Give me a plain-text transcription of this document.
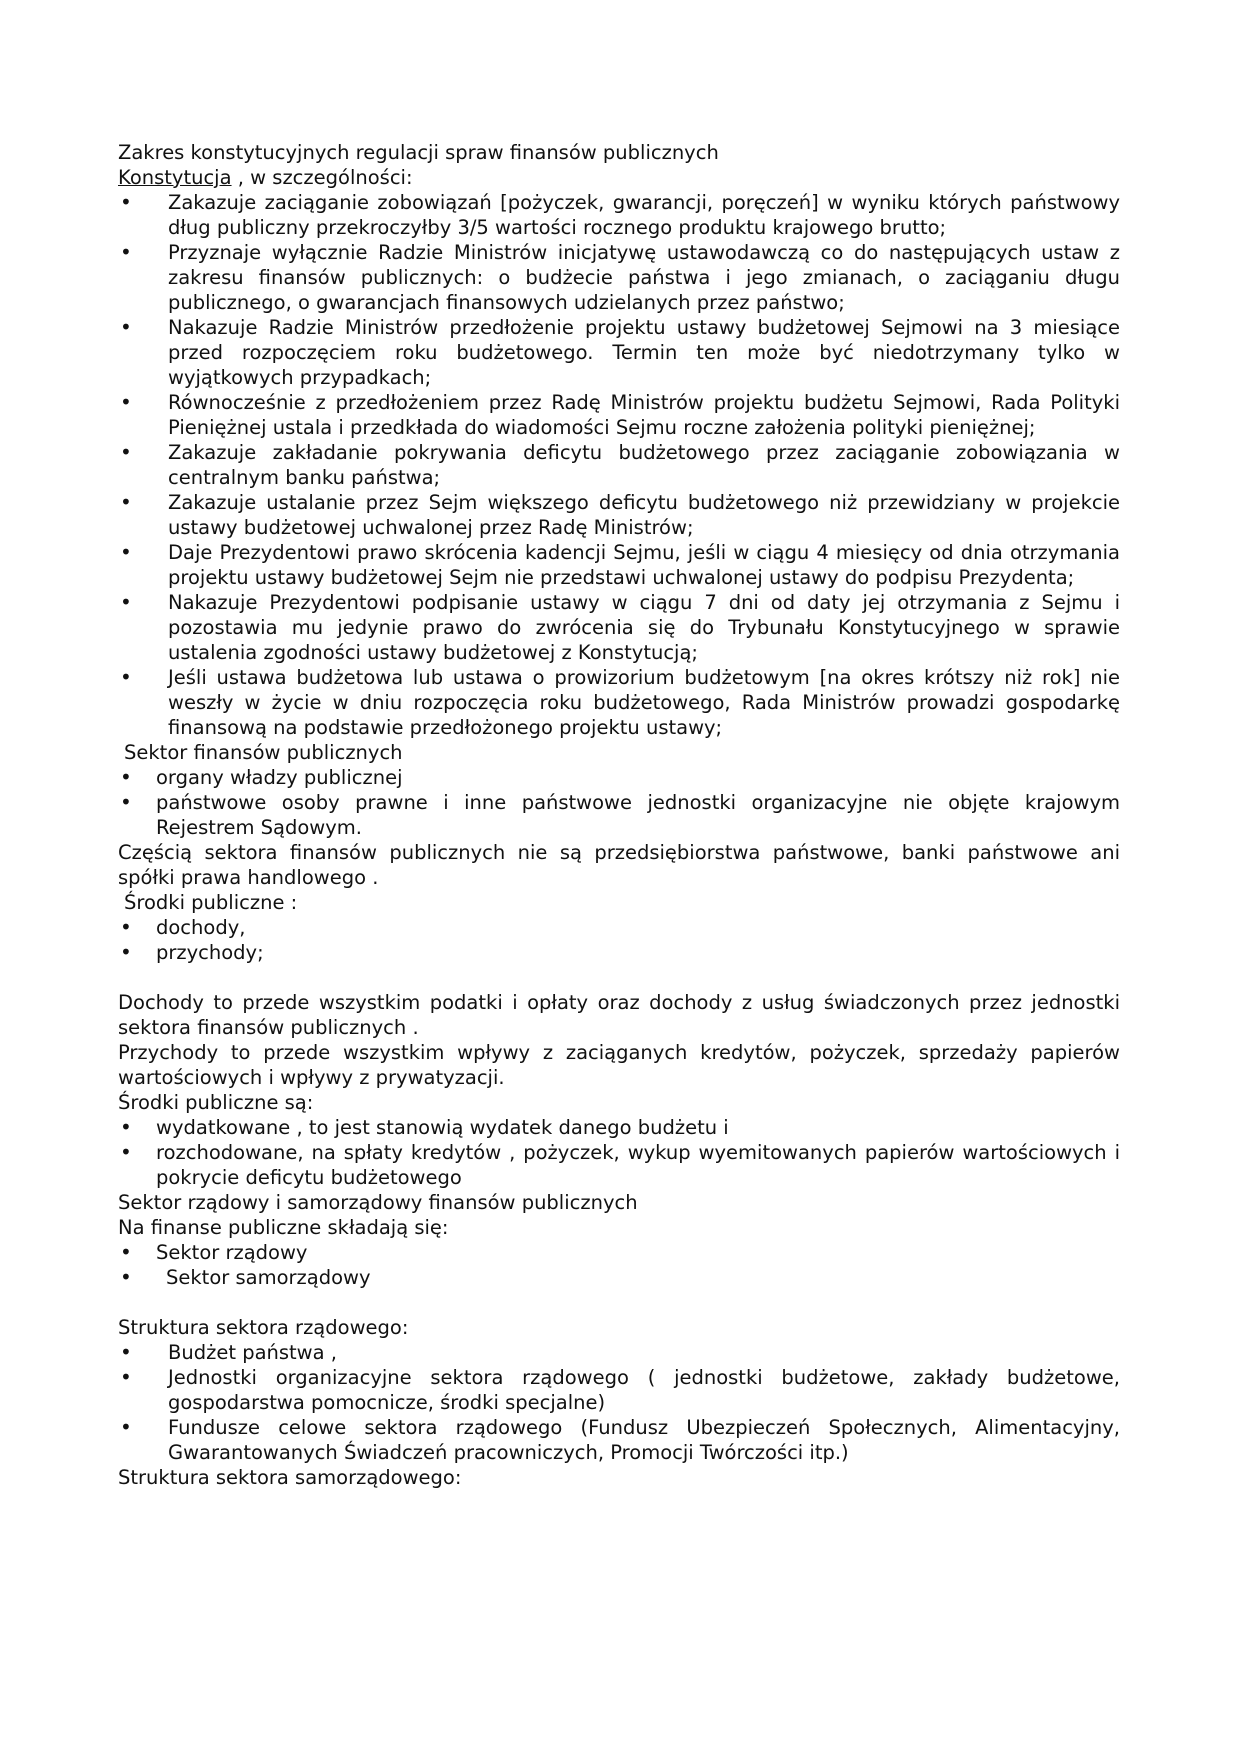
Zakres konstytucyjnych regulacji spraw finansów publicznych

Konstytucja , w szczególności:

• Zakazuje zaciąganie zobowiązań [pożyczek, gwarancji, poręczeń] w wyniku których państwowy dług publiczny przekroczyłby 3/5 wartości rocznego produktu krajowego brutto;
• Przyznaje wyłącznie Radzie Ministrów inicjatywę ustawodawczą co do następujących ustaw z zakresu finansów publicznych: o budżecie państwa i jego zmianach, o zaciąganiu długu publicznego, o gwarancjach finansowych udzielanych przez państwo;
• Nakazuje Radzie Ministrów przedłożenie projektu ustawy budżetowej Sejmowi na 3 miesiące przed rozpoczęciem roku budżetowego. Termin ten może być niedotrzymany tylko w wyjątkowych przypadkach;
• Równocześnie z przedłożeniem przez Radę Ministrów projektu budżetu Sejmowi, Rada Polityki Pieniężnej ustala i przedkłada do wiadomości Sejmu roczne założenia polityki pieniężnej;
• Zakazuje zakładanie pokrywania deficytu budżetowego przez zaciąganie zobowiązania w centralnym banku państwa;
• Zakazuje ustalanie przez Sejm większego deficytu budżetowego niż przewidziany w projekcie ustawy budżetowej uchwalonej przez Radę Ministrów;
• Daje Prezydentowi prawo skrócenia kadencji Sejmu, jeśli w ciągu 4 miesięcy od dnia otrzymania projektu ustawy budżetowej Sejm nie przedstawi uchwalonej ustawy do podpisu Prezydenta;
• Nakazuje Prezydentowi podpisanie ustawy w ciągu 7 dni od daty jej otrzymania z Sejmu i pozostawia mu jedynie prawo do zwrócenia się do Trybunału Konstytucyjnego w sprawie ustalenia zgodności ustawy budżetowej z Konstytucją;
• Jeśli ustawa budżetowa lub ustawa o prowizorium budżetowym [na okres krótszy niż rok] nie weszły w życie w dniu rozpoczęcia roku budżetowego, Rada Ministrów prowadzi gospodarkę finansową na podstawie przedłożonego projektu ustawy;

Sektor finansów publicznych

• organy władzy publicznej
• państwowe osoby prawne i inne państwowe jednostki organizacyjne nie objęte krajowym Rejestrem Sądowym.

Częścią sektora finansów publicznych nie są przedsiębiorstwa państwowe, banki państwowe ani spółki prawa handlowego .

Środki publiczne :

• dochody,
• przychody;

Dochody to przede wszystkim podatki i opłaty oraz dochody z usług świadczonych przez jednostki sektora finansów publicznych .

Przychody to przede wszystkim wpływy z zaciąganych kredytów, pożyczek, sprzedaży papierów wartościowych i wpływy z prywatyzacji.

Środki publiczne są:

• wydatkowane , to jest stanowią wydatek danego budżetu i
• rozchodowane, na spłaty kredytów , pożyczek, wykup wyemitowanych papierów wartościowych i pokrycie deficytu budżetowego

Sektor rządowy i samorządowy finansów publicznych

Na finanse publiczne składają się:

• Sektor rządowy
• Sektor samorządowy

Struktura sektora rządowego:

• Budżet państwa ,
• Jednostki organizacyjne sektora rządowego ( jednostki budżetowe, zakłady budżetowe, gospodarstwa pomocnicze, środki specjalne)
• Fundusze celowe sektora rządowego (Fundusz Ubezpieczeń Społecznych, Alimentacyjny, Gwarantowanych Świadczeń pracowniczych, Promocji Twórczości itp.)

Struktura sektora samorządowego:
